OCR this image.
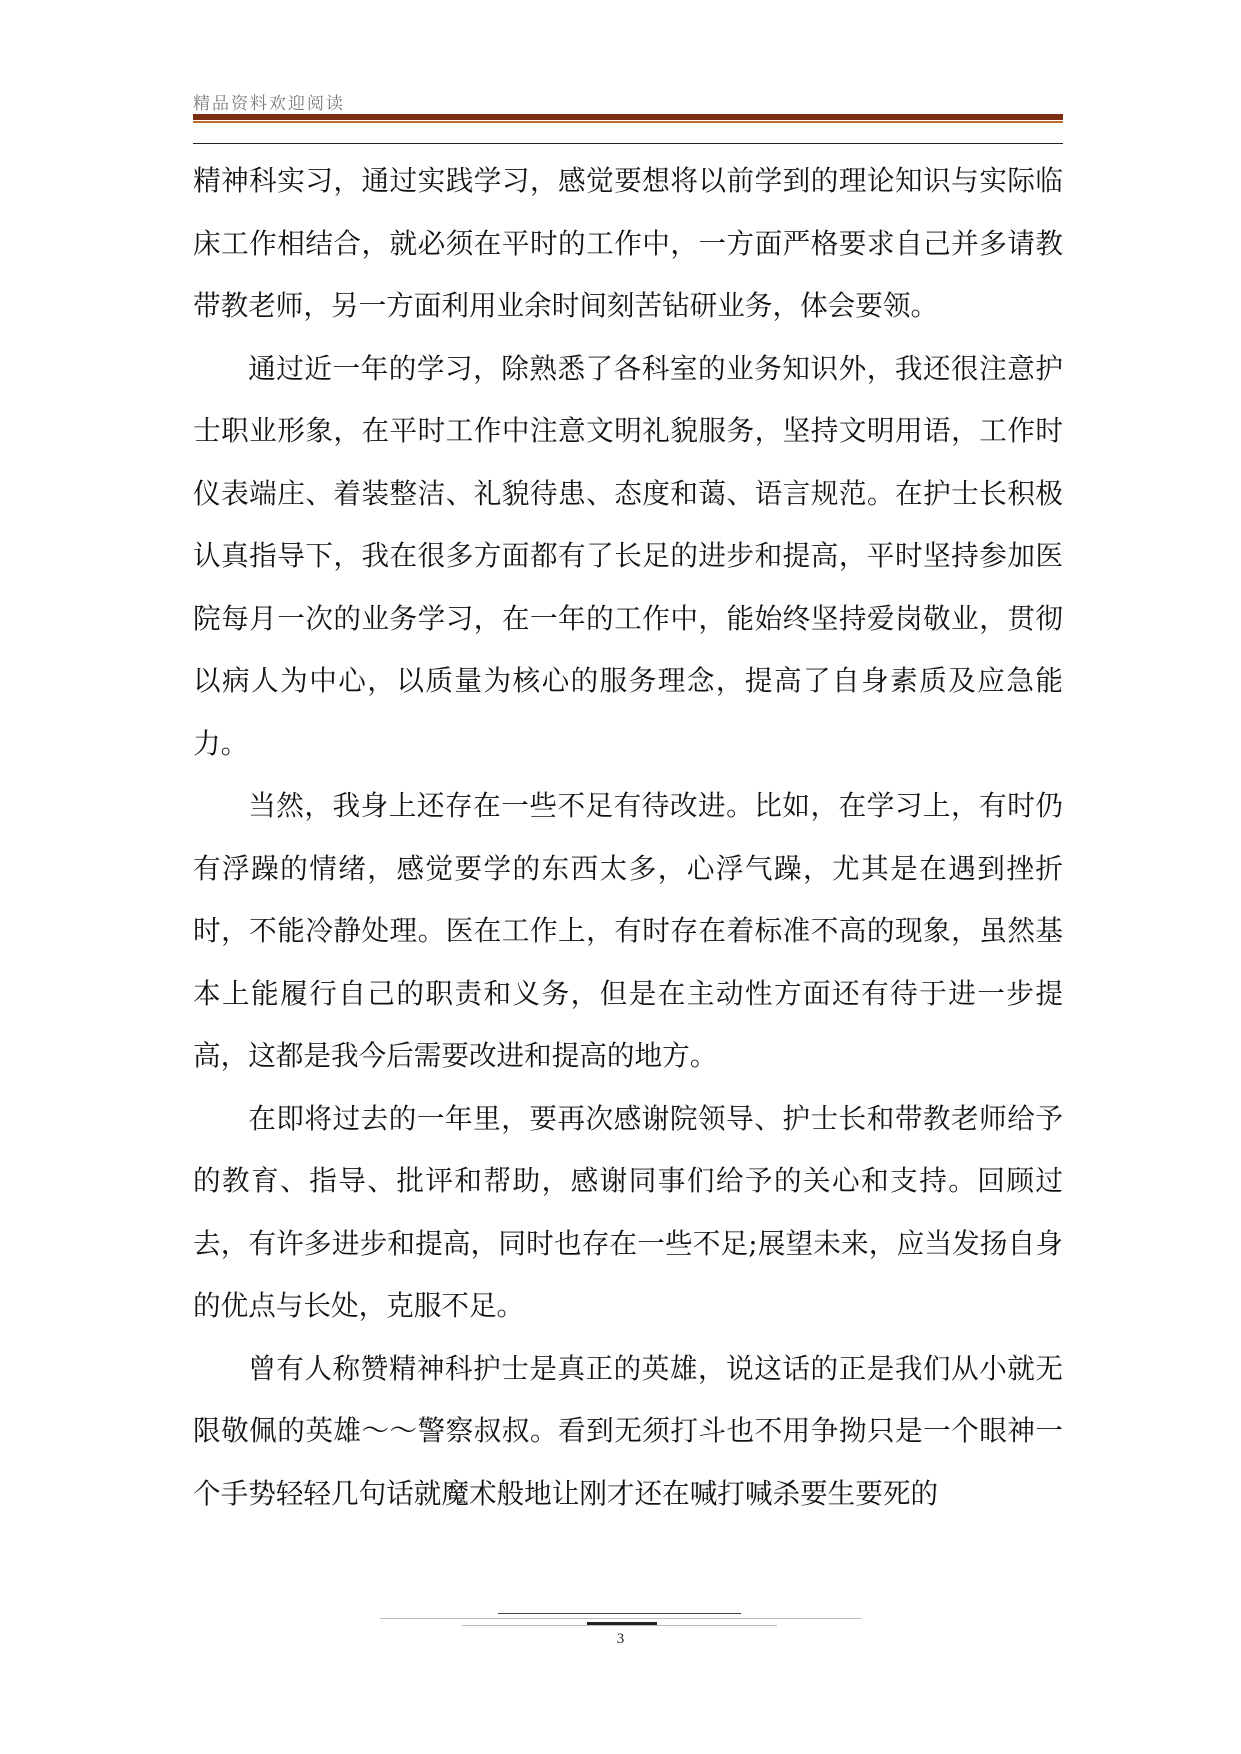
精品资料欢迎阅读

精神科实习，通过实践学习，感觉要想将以前学到的理论知识与实际临床工作相结合，就必须在平时的工作中，一方面严格要求自己并多请教带教老师，另一方面利用业余时间刻苦钻研业务，体会要领。

通过近一年的学习，除熟悉了各科室的业务知识外，我还很注意护士职业形象，在平时工作中注意文明礼貌服务，坚持文明用语，工作时仪表端庄、着装整洁、礼貌待患、态度和蔼、语言规范。在护士长积极认真指导下，我在很多方面都有了长足的进步和提高，平时坚持参加医院每月一次的业务学习，在一年的工作中，能始终坚持爱岗敬业，贯彻以病人为中心，以质量为核心的服务理念，提高了自身素质及应急能力。

当然，我身上还存在一些不足有待改进。比如，在学习上，有时仍有浮躁的情绪，感觉要学的东西太多，心浮气躁，尤其是在遇到挫折时，不能冷静处理。医在工作上，有时存在着标准不高的现象，虽然基本上能履行自己的职责和义务，但是在主动性方面还有待于进一步提高，这都是我今后需要改进和提高的地方。

在即将过去的一年里，要再次感谢院领导、护士长和带教老师给予的教育、指导、批评和帮助，感谢同事们给予的关心和支持。回顾过去，有许多进步和提高，同时也存在一些不足;展望未来，应当发扬自身的优点与长处，克服不足。

曾有人称赞精神科护士是真正的英雄，说这话的正是我们从小就无限敬佩的英雄～～警察叔叔。看到无须打斗也不用争拗只是一个眼神一个手势轻轻几句话就魔术般地让刚才还在喊打喊杀要生要死的

3
